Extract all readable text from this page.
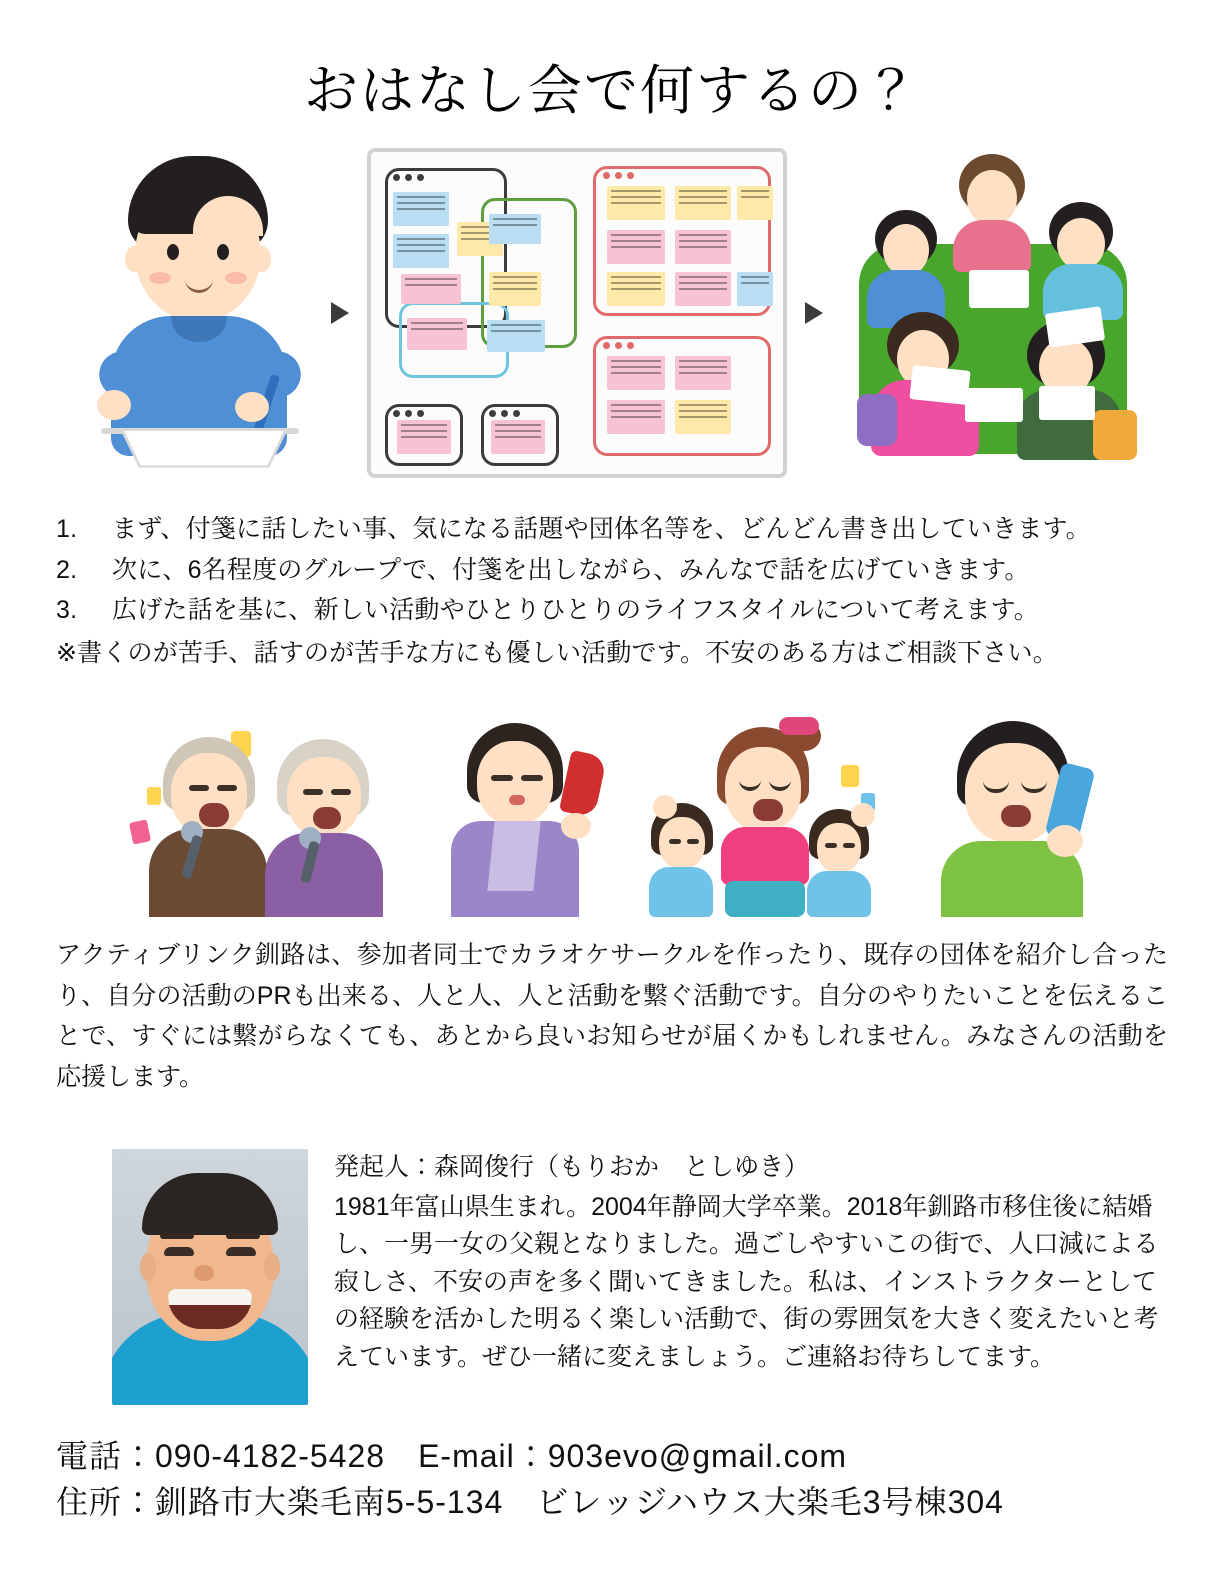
おはなし会で何するの？
1.	まず、付箋に話したい事、気になる話題や団体名等を、どんどん書き出していきます。
2.	次に、6名程度のグループで、付箋を出しながら、みんなで話を広げていきます。
3.	広げた話を基に、新しい活動やひとりひとりのライフスタイルについて考えます。
※書くのが苦手、話すのが苦手な方にも優しい活動です。不安のある方はご相談下さい。
アクティブリンク釧路は、参加者同士でカラオケサークルを作ったり、既存の団体を紹介し合ったり、自分の活動のPRも出来る、人と人、人と活動を繋ぐ活動です。自分のやりたいことを伝えることで、すぐには繋がらなくても、あとから良いお知らせが届くかもしれません。みなさんの活動を応援します。
発起人：森岡俊行（もりおか　としゆき）
1981年富山県生まれ。2004年静岡大学卒業。2018年釧路市移住後に結婚し、一男一女の父親となりました。過ごしやすいこの街で、人口減による寂しさ、不安の声を多く聞いてきました。私は、インストラクターとしての経験を活かした明るく楽しい活動で、街の雰囲気を大きく変えたいと考えています。ぜひ一緒に変えましょう。ご連絡お待ちしてます。
電話：090-4182-5428　E-mail：903evo@gmail.com
住所：釧路市大楽毛南5-5-134　ビレッジハウス大楽毛3号棟304
